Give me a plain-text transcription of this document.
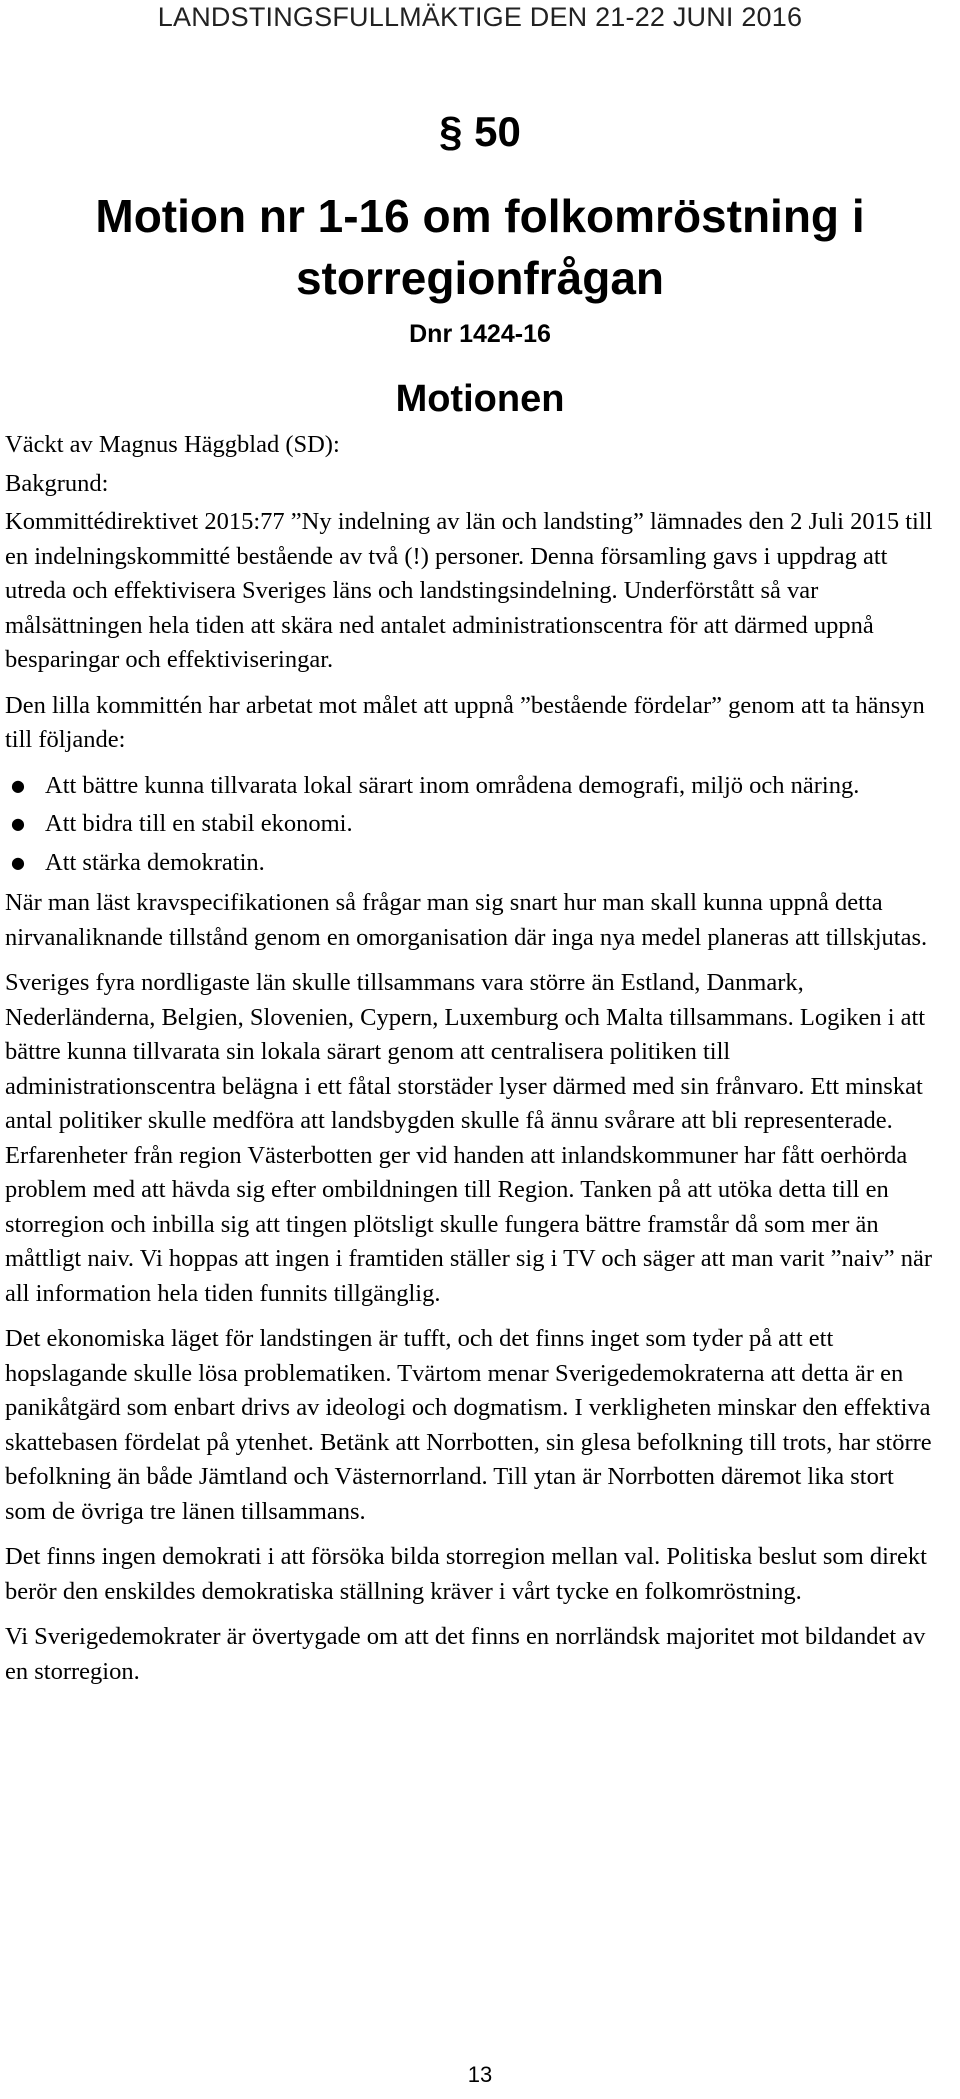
LANDSTINGSFULLMÄKTIGE DEN 21-22 JUNI 2016
§ 50
Motion nr 1-16 om folkomröstning i storregionfrågan
Dnr 1424-16
Motionen

Väckt av Magnus Häggblad (SD):

Bakgrund:

Kommittédirektivet 2015:77 ”Ny indelning av län och landsting” lämnades den 2 Juli 2015 till en indelningskommitté bestående av två (!) personer. Denna församling gavs i uppdrag att utreda och effektivisera Sveriges läns och landstingsindelning. Underförstått så var målsättningen hela tiden att skära ned antalet administrationscentra för att därmed uppnå besparingar och effektiviseringar.

Den lilla kommittén har arbetat mot målet att uppnå ”bestående fördelar” genom att ta hänsyn till följande:

● Att bättre kunna tillvarata lokal särart inom områdena demografi, miljö och näring.
● Att bidra till en stabil ekonomi.
● Att stärka demokratin.

När man läst kravspecifikationen så frågar man sig snart hur man skall kunna uppnå detta nirvanaliknande tillstånd genom en omorganisation där inga nya medel planeras att tillskjutas.

Sveriges fyra nordligaste län skulle tillsammans vara större än Estland, Danmark, Nederländerna, Belgien, Slovenien, Cypern, Luxemburg och Malta tillsammans. Logiken i att bättre kunna tillvarata sin lokala särart genom att centralisera politiken till administrationscentra belägna i ett fåtal storstäder lyser därmed med sin frånvaro. Ett minskat antal politiker skulle medföra att landsbygden skulle få ännu svårare att bli representerade. Erfarenheter från region Västerbotten ger vid handen att inlandskommuner har fått oerhörda problem med att hävda sig efter ombildningen till Region. Tanken på att utöka detta till en storregion och inbilla sig att tingen plötsligt skulle fungera bättre framstår då som mer än måttligt naiv. Vi hoppas att ingen i framtiden ställer sig i TV och säger att man varit ”naiv” när all information hela tiden funnits tillgänglig.

Det ekonomiska läget för landstingen är tufft, och det finns inget som tyder på att ett hopslagande skulle lösa problematiken. Tvärtom menar Sverigedemokraterna att detta är en panikåtgärd som enbart drivs av ideologi och dogmatism. I verkligheten minskar den effektiva skattebasen fördelat på ytenhet. Betänk att Norrbotten, sin glesa befolkning till trots, har större befolkning än både Jämtland och Västernorrland. Till ytan är Norrbotten däremot lika stort som de övriga tre länen tillsammans.

Det finns ingen demokrati i att försöka bilda storregion mellan val. Politiska beslut som direkt berör den enskildes demokratiska ställning kräver i vårt tycke en folkomröstning.

Vi Sverigedemokrater är övertygade om att det finns en norrländsk majoritet mot bildandet av en storregion.

13
